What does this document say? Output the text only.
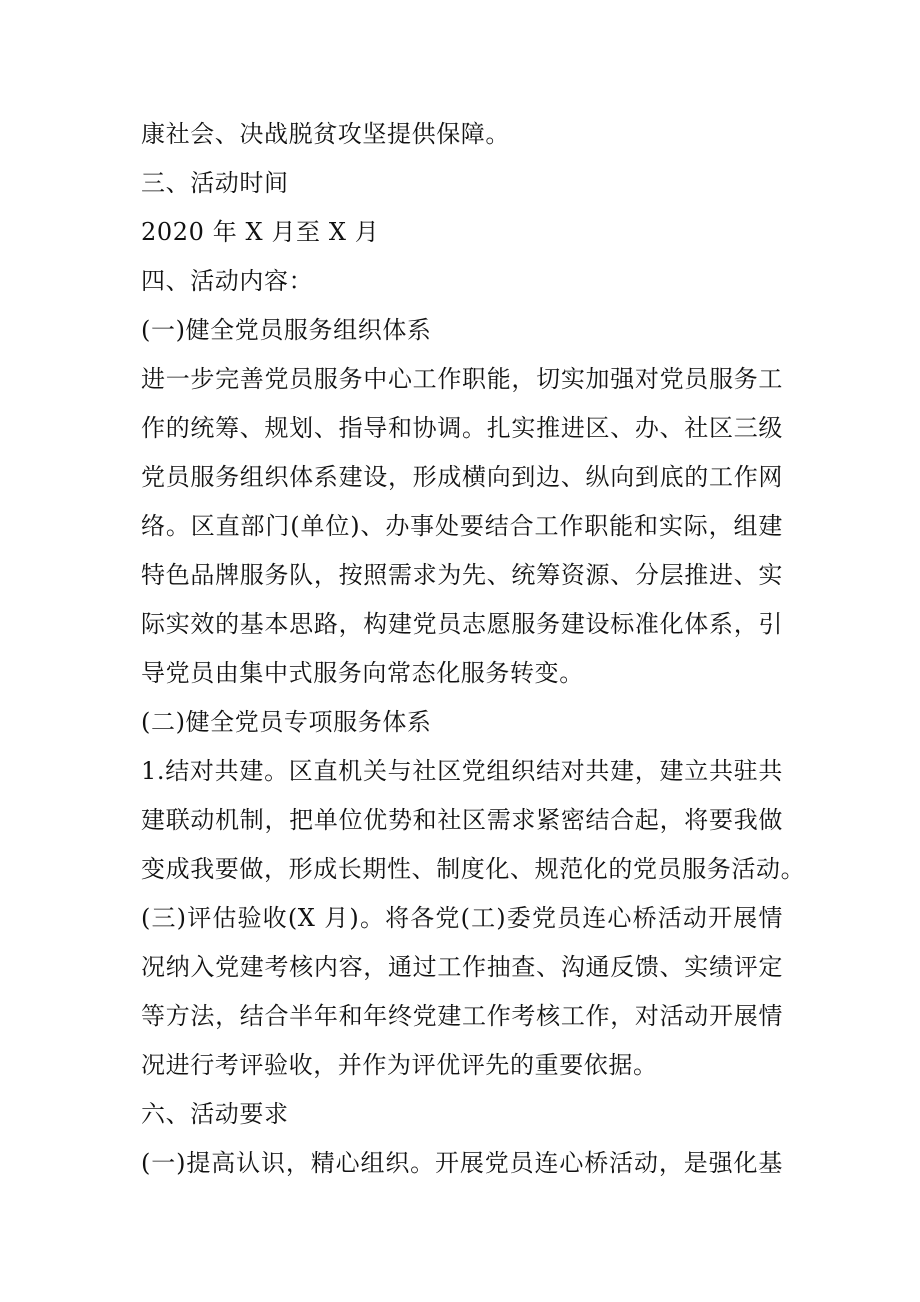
康社会、决战脱贫攻坚提供保障。
三、活动时间
2020 年 X 月至 X 月
四、活动内容：
(一)健全党员服务组织体系
进一步完善党员服务中心工作职能，切实加强对党员服务工
作的统筹、规划、指导和协调。扎实推进区、办、社区三级
党员服务组织体系建设，形成横向到边、纵向到底的工作网
络。区直部门(单位)、办事处要结合工作职能和实际，组建
特色品牌服务队，按照需求为先、统筹资源、分层推进、实
际实效的基本思路，构建党员志愿服务建设标准化体系，引
导党员由集中式服务向常态化服务转变。
(二)健全党员专项服务体系
1.结对共建。区直机关与社区党组织结对共建，建立共驻共
建联动机制，把单位优势和社区需求紧密结合起，将要我做
变成我要做，形成长期性、制度化、规范化的党员服务活动。
(三)评估验收(X 月)。将各党(工)委党员连心桥活动开展情
况纳入党建考核内容，通过工作抽查、沟通反馈、实绩评定
等方法，结合半年和年终党建工作考核工作，对活动开展情
况进行考评验收，并作为评优评先的重要依据。
六、活动要求
(一)提高认识，精心组织。开展党员连心桥活动，是强化基
